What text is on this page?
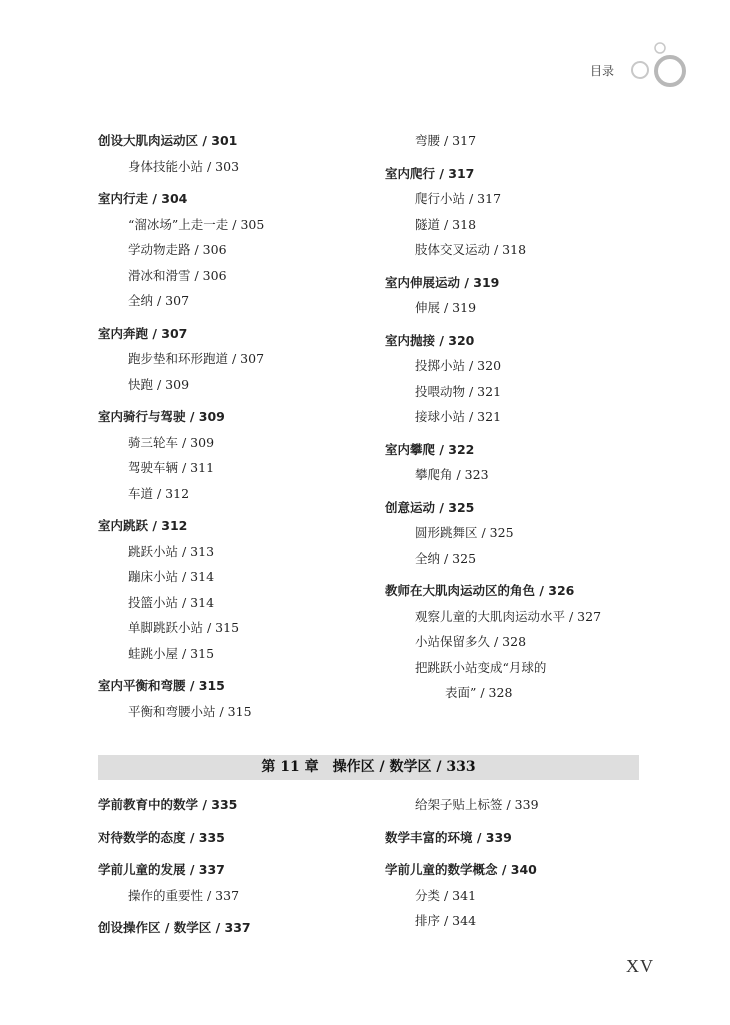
目录
创设大肌肉运动区 / 301
身体技能小站 / 303
室内行走 / 304
“溜冰场”上走一走 / 305
学动物走路 / 306
滑冰和滑雪 / 306
全纳 / 307
室内奔跑 / 307
跑步垫和环形跑道 / 307
快跑 / 309
室内骑行与驾驶 / 309
骑三轮车 / 309
驾驶车辆 / 311
车道 / 312
室内跳跃 / 312
跳跃小站 / 313
蹦床小站 / 314
投篮小站 / 314
单脚跳跃小站 / 315
蛙跳小屋 / 315
室内平衡和弯腰 / 315
平衡和弯腰小站 / 315
弯腰 / 317
室内爬行 / 317
爬行小站 / 317
隧道 / 318
肢体交叉运动 / 318
室内伸展运动 / 319
伸展 / 319
室内抛接 / 320
投掷小站 / 320
投喂动物 / 321
接球小站 / 321
室内攀爬 / 322
攀爬角 / 323
创意运动 / 325
圆形跳舞区 / 325
全纳 / 325
教师在大肌肉运动区的角色 / 326
观察儿童的大肌肉运动水平 / 327
小站保留多久 / 328
把跳跃小站变成“月球的
表面” / 328
第 11 章　操作区 / 数学区 / 333
学前教育中的数学 / 335
对待数学的态度 / 335
学前儿童的发展 / 337
操作的重要性 / 337
创设操作区 / 数学区 / 337
给架子贴上标签 / 339
数学丰富的环境 / 339
学前儿童的数学概念 / 340
分类 / 341
排序 / 344
XV
